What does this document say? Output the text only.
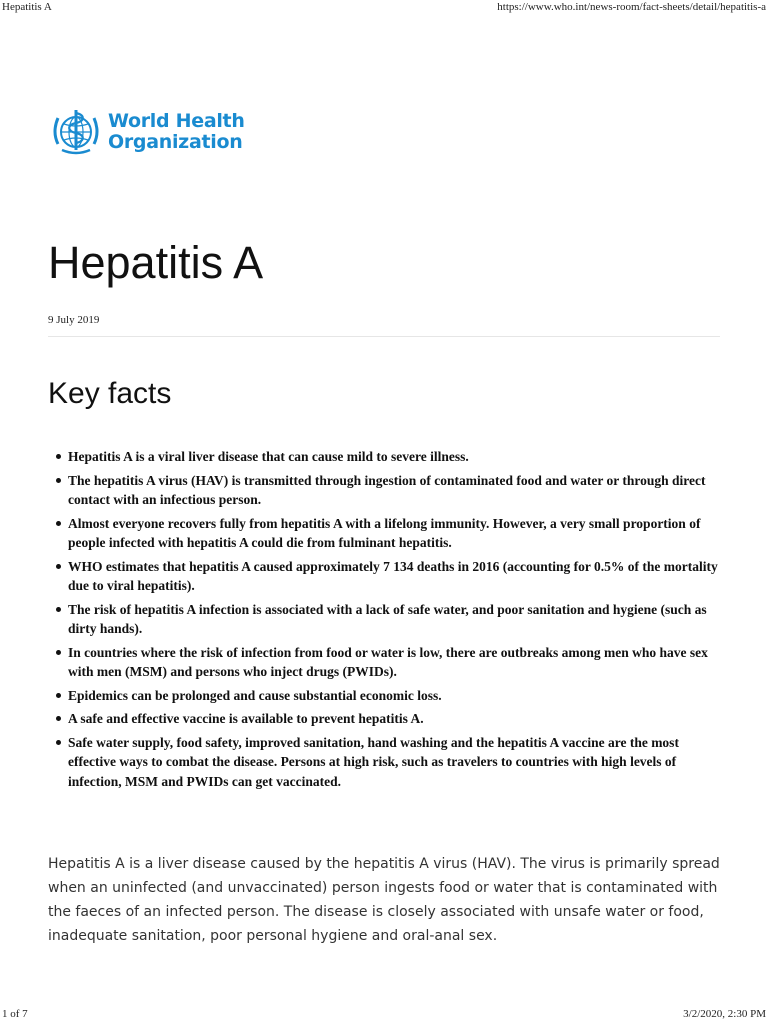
Hepatitis A	https://www.who.int/news-room/fact-sheets/detail/hepatitis-a
World Health
Organization
Hepatitis A
9 July 2019
Key facts
Hepatitis A is a viral liver disease that can cause mild to severe illness.
The hepatitis A virus (HAV) is transmitted through ingestion of contaminated food and water or through direct contact with an infectious person.
Almost everyone recovers fully from hepatitis A with a lifelong immunity. However, a very small proportion of people infected with hepatitis A could die from fulminant hepatitis.
WHO estimates that hepatitis A caused approximately 7 134 deaths in 2016 (accounting for 0.5% of the mortality due to viral hepatitis).
The risk of hepatitis A infection is associated with a lack of safe water, and poor sanitation and hygiene (such as dirty hands).
In countries where the risk of infection from food or water is low, there are outbreaks among men who have sex with men (MSM) and persons who inject drugs (PWIDs).
Epidemics can be prolonged and cause substantial economic loss.
A safe and effective vaccine is available to prevent hepatitis A.
Safe water supply, food safety, improved sanitation, hand washing and the hepatitis A vaccine are the most effective ways to combat the disease. Persons at high risk, such as travelers to countries with high levels of infection, MSM and PWIDs can get vaccinated.

Hepatitis A is a liver disease caused by the hepatitis A virus (HAV). The virus is primarily spread when an uninfected (and unvaccinated) person ingests food or water that is contaminated with the faeces of an infected person. The disease is closely associated with unsafe water or food, inadequate sanitation, poor personal hygiene and oral-anal sex.

1 of 7	3/2/2020, 2:30 PM
